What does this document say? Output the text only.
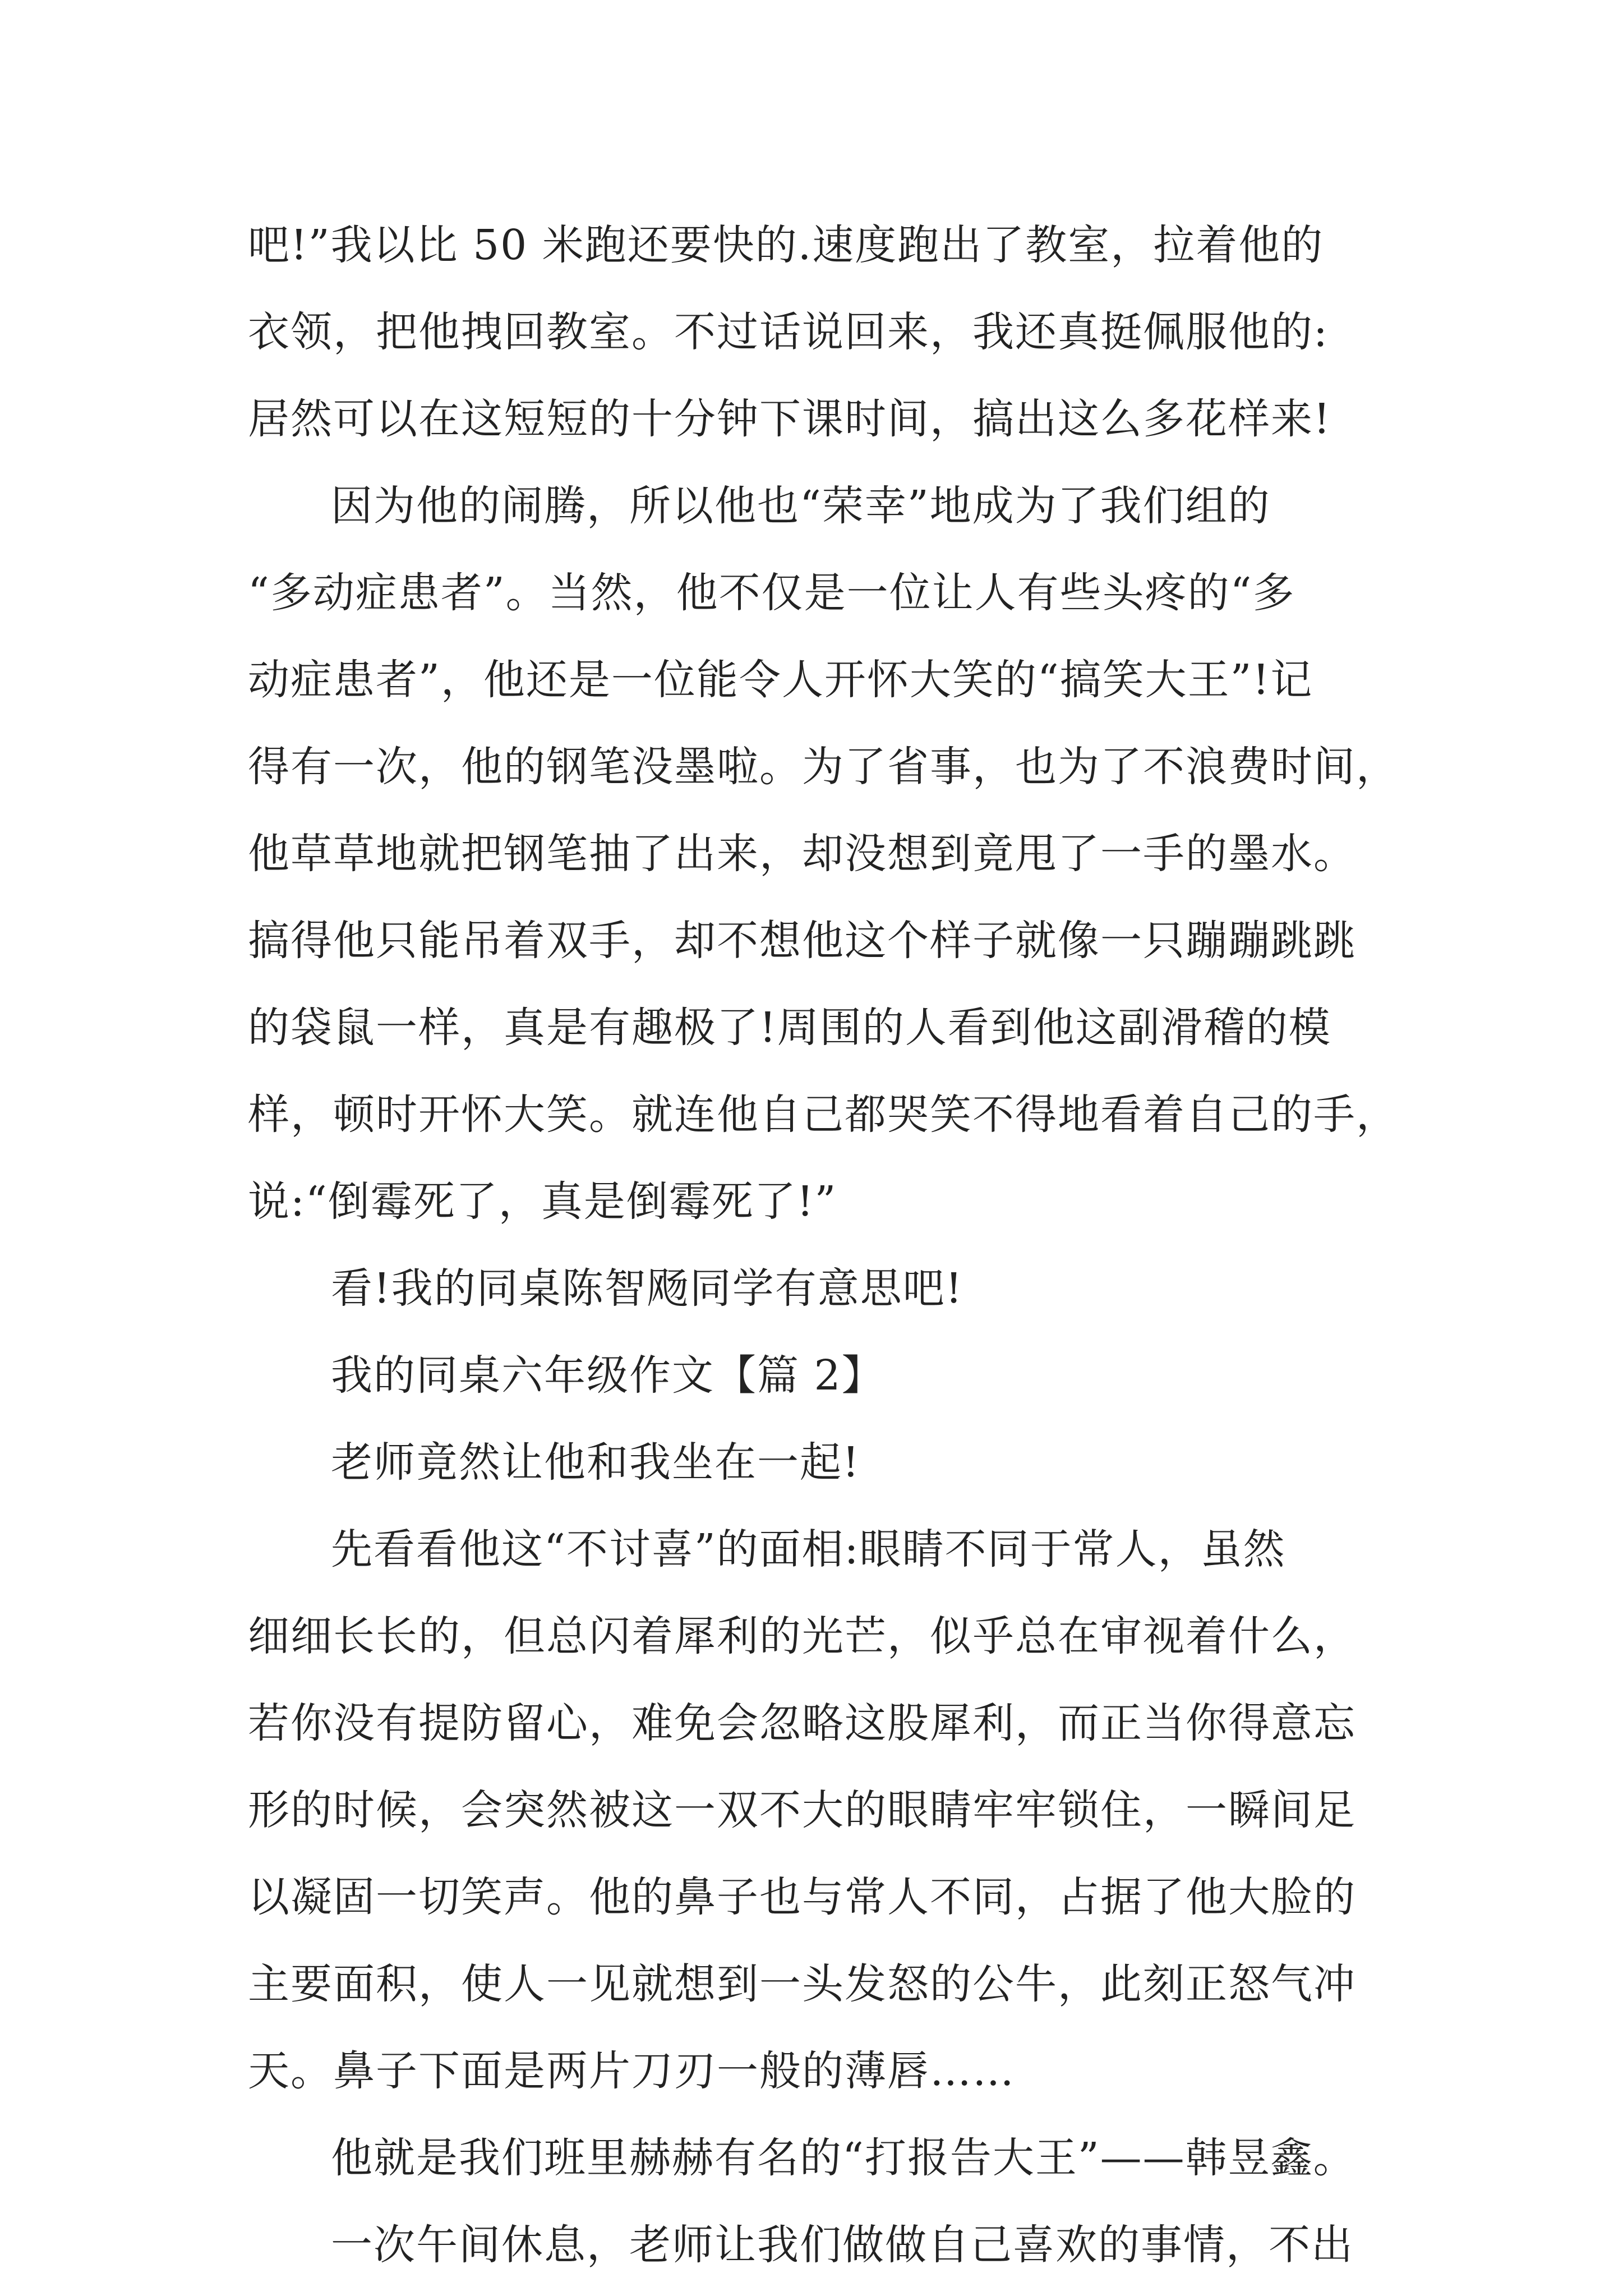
吧!”我以比 50 米跑还要快的.速度跑出了教室，拉着他的
衣领，把他拽回教室。不过话说回来，我还真挺佩服他的:
居然可以在这短短的十分钟下课时间，搞出这么多花样来!

因为他的闹腾，所以他也“荣幸”地成为了我们组的
“多动症患者”。当然，他不仅是一位让人有些头疼的“多
动症患者”，他还是一位能令人开怀大笑的“搞笑大王”!记
得有一次，他的钢笔没墨啦。为了省事，也为了不浪费时间，
他草草地就把钢笔抽了出来，却没想到竟甩了一手的墨水。
搞得他只能吊着双手，却不想他这个样子就像一只蹦蹦跳跳
的袋鼠一样，真是有趣极了!周围的人看到他这副滑稽的模
样，顿时开怀大笑。就连他自己都哭笑不得地看着自己的手，
说:“倒霉死了，真是倒霉死了!”

看!我的同桌陈智飏同学有意思吧!

我的同桌六年级作文【篇 2】

老师竟然让他和我坐在一起!

先看看他这“不讨喜”的面相:眼睛不同于常人，虽然
细细长长的，但总闪着犀利的光芒，似乎总在审视着什么，
若你没有提防留心，难免会忽略这股犀利，而正当你得意忘
形的时候，会突然被这一双不大的眼睛牢牢锁住，一瞬间足
以凝固一切笑声。他的鼻子也与常人不同，占据了他大脸的
主要面积，使人一见就想到一头发怒的公牛，此刻正怒气冲
天。鼻子下面是两片刀刃一般的薄唇……

他就是我们班里赫赫有名的“打报告大王”——韩昱鑫。

一次午间休息，老师让我们做做自己喜欢的事情，不出
